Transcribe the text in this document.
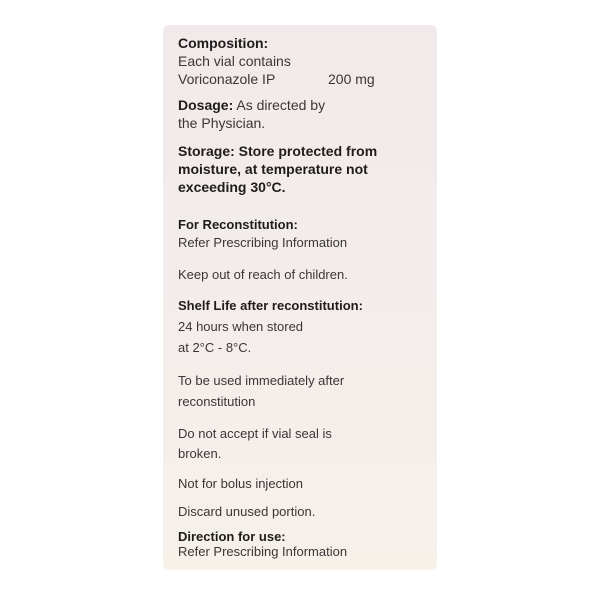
Composition:
Each vial contains
Voriconazole IP	200 mg
Dosage: As directed by
the Physician.
Storage: Store protected from
moisture, at temperature not
exceeding 30°C.
For Reconstitution:
Refer Prescribing Information
Keep out of reach of children.
Shelf Life after reconstitution:
24 hours when stored
at 2°C - 8°C.
To be used immediately after
reconstitution
Do not accept if vial seal is
broken.
Not for bolus injection
Discard unused portion.
Direction for use:
Refer Prescribing Information
